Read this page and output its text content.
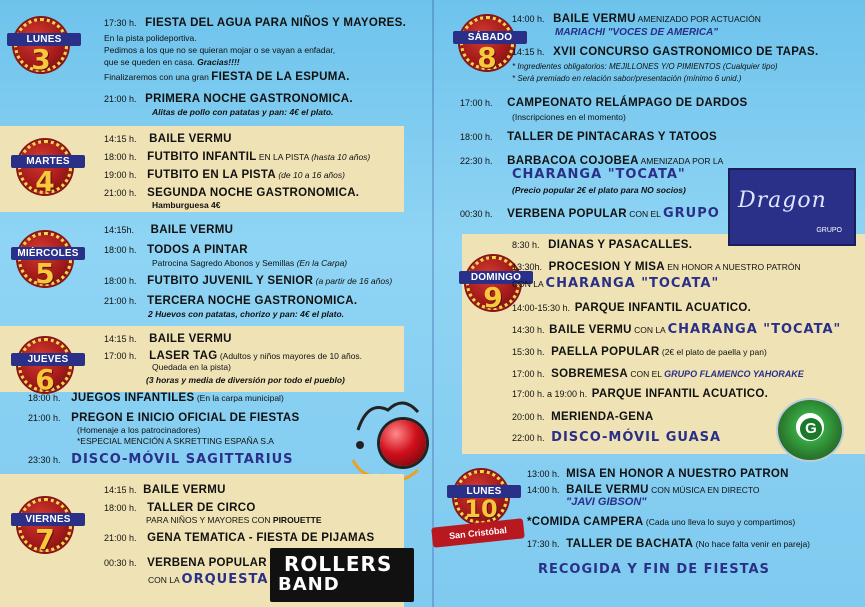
LUNES
3
17:30 h. FIESTA DEL AGUA PARA NIÑOS Y MAYORES.
En la pista polideportiva.
Pedimos a los que no se quieran mojar o se vayan a enfadar,
que se queden en casa. Gracias!!!!
Finalizaremos con una gran FIESTA DE LA ESPUMA.
21:00 h. PRIMERA NOCHE GASTRONOMICA.
Alitas de pollo con patatas y pan: 4€ el plato.
MARTES
4
14:15 h. BAILE VERMU
18:00 h. FUTBITO INFANTIL EN LA PISTA (hasta 10 años)
19:00 h. FUTBITO EN LA PISTA (de 10 a 16 años)
21:00 h. SEGUNDA NOCHE GASTRONOMICA.
Hamburguesa 4€
MIÉRCOLES
5
14:15h. BAILE VERMU
18:00 h. TODOS A PINTAR
Patrocina Sagredo Abonos y Semillas (En la Carpa)
18:00 h. FUTBITO JUVENIL Y SENIOR (a partir de 16 años)
21:00 h. TERCERA NOCHE GASTRONOMICA.
2 Huevos con patatas, chorizo y pan: 4€ el plato.
JUEVES
6
14:15 h. BAILE VERMU
17:00 h. LASER TAG (Adultos y niños mayores de 10 años.
Quedada en la pista)
(3 horas y media de diversión por todo el pueblo)
18:00 h. JUEGOS INFANTILES (En la carpa municipal)
21:00 h. PREGON E INICIO OFICIAL DE FIESTAS
(Homenaje a los patrocinadores)
*ESPECIAL MENCIÓN A SKRETTING ESPAÑA S.A
23:30 h. DISCO-MÓVIL SAGITTARIUS
VIERNES
7
14:15 h. BAILE VERMU
18:00 h. TALLER DE CIRCO
PARA NIÑOS Y MAYORES CON PIROUETTE
21:00 h. GENA TEMATICA - FIESTA DE PIJAMAS
00:30 h. VERBENA POPULAR
CON LA ORQUESTA
ROLLERS
BAND
SÁBADO
8
14:00 h. BAILE VERMU AMENIZADO POR ACTUACIÓN
MARIACHI "VOCES DE AMERICA"
14:15 h. XVII CONCURSO GASTRONOMICO DE TAPAS.
* Ingredientes obligatorios: MEJILLONES Y/O PIMIENTOS (Cualquier tipo)
* Será premiado en relación sabor/presentación (mínimo 6 unid.)
17:00 h. CAMPEONATO RELÁMPAGO DE DARDOS
(Inscripciones en el momento)
18:00 h. TALLER DE PINTACARAS Y TATOOS
22:30 h. BARBACOA COJOBEA AMENIZADA POR LA
CHARANGA "TOCATA"
(Precio popular 2€ el plato para NO socios)
00:30 h. VERBENA POPULAR CON EL GRUPO
Dragon
GRUPO
DOMINGO
9
8:30 h. DIANAS Y PASACALLES.
13:30h. PROCESION Y MISA EN HONOR A NUESTRO PATRÓN
CON LA CHARANGA "TOCATA"
14:00-15:30 h. PARQUE INFANTIL ACUATICO.
14:30 h. BAILE VERMU CON LA CHARANGA "TOCATA"
15:30 h. PAELLA POPULAR (2€ el plato de paella y pan)
17:00 h. SOBREMESA CON EL GRUPO FLAMENCO YAHORAKE
17:00 h. a 19:00 h. PARQUE INFANTIL ACUATICO.
20:00 h. MERIENDA-GENA
22:00 h. DISCO-MÓVIL GUASA
G
LUNES
10
San Cristóbal
13:00 h. MISA EN HONOR A NUESTRO PATRON
14:00 h. BAILE VERMU CON MÚSICA EN DIRECTO
"JAVI GIBSON"
*COMIDA CAMPERA (Cada uno lleva lo suyo y compartimos)
17:30 h. TALLER DE BACHATA (No hace falta venir en pareja)
RECOGIDA Y FIN DE FIESTAS
